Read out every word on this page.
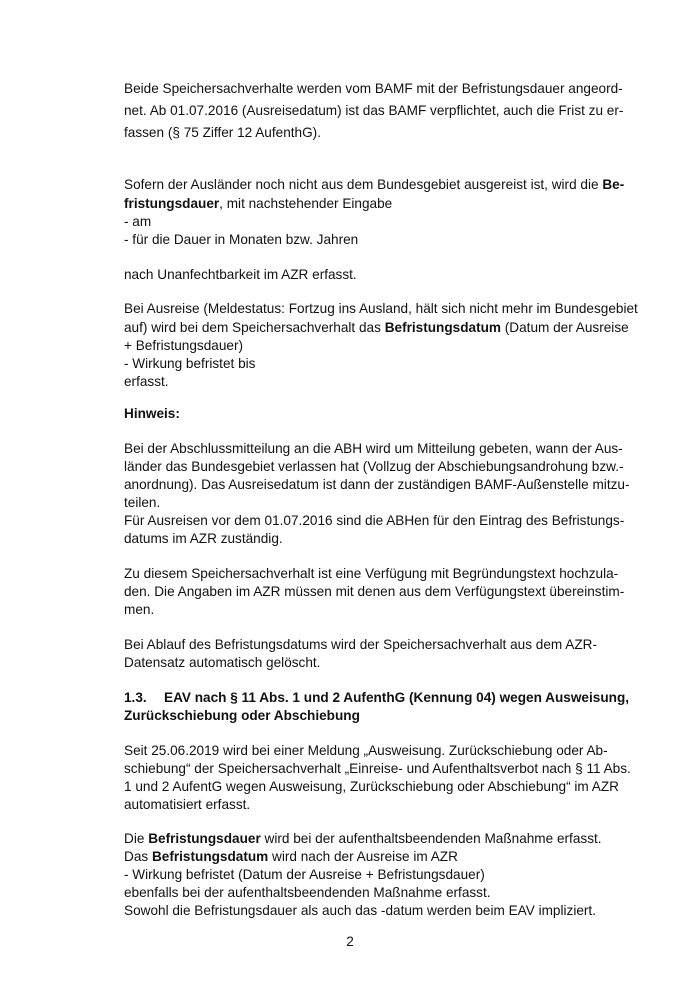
Beide Speichersachverhalte werden vom BAMF mit der Befristungsdauer angeord-

net. Ab 01.07.2016 (Ausreisedatum) ist das BAMF verpflichtet, auch die Frist zu er-

fassen (§ 75 Ziffer 12 AufenthG).

Sofern der Ausländer noch nicht aus dem Bundesgebiet ausgereist ist, wird die Be-

fristungsdauer, mit nachstehender Eingabe

- am

- für die Dauer in Monaten bzw. Jahren

nach Unanfechtbarkeit im AZR erfasst.

Bei Ausreise (Meldestatus: Fortzug ins Ausland, hält sich nicht mehr im Bundesgebiet

auf) wird bei dem Speichersachverhalt das Befristungsdatum (Datum der Ausreise

+ Befristungsdauer)

- Wirkung befristet bis

erfasst.

Hinweis:

Bei der Abschlussmitteilung an die ABH wird um Mitteilung gebeten, wann der Aus-

länder das Bundesgebiet verlassen hat (Vollzug der Abschiebungsandrohung bzw.-

anordnung). Das Ausreisedatum ist dann der zuständigen BAMF-Außenstelle mitzu-

teilen.

Für Ausreisen vor dem 01.07.2016 sind die ABHen für den Eintrag des Befristungs-

datums im AZR zuständig.

Zu diesem Speichersachverhalt ist eine Verfügung mit Begründungstext hochzula-

den. Die Angaben im AZR müssen mit denen aus dem Verfügungstext übereinstim-

men.

Bei Ablauf des Befristungsdatums wird der Speichersachverhalt aus dem AZR-

Datensatz automatisch gelöscht.

1.3. EAV nach § 11 Abs. 1 und 2 AufenthG (Kennung 04) wegen Ausweisung,

Zurückschiebung oder Abschiebung

Seit 25.06.2019 wird bei einer Meldung „Ausweisung. Zurückschiebung oder Ab-

schiebung“ der Speichersachverhalt „Einreise- und Aufenthaltsverbot nach § 11 Abs.

1 und 2 AufentG wegen Ausweisung, Zurückschiebung oder Abschiebung“ im AZR

automatisiert erfasst.

Die Befristungsdauer wird bei der aufenthaltsbeendenden Maßnahme erfasst.

Das Befristungsdatum wird nach der Ausreise im AZR

- Wirkung befristet (Datum der Ausreise + Befristungsdauer)

ebenfalls bei der aufenthaltsbeendenden Maßnahme erfasst.

Sowohl die Befristungsdauer als auch das -datum werden beim EAV impliziert.

2
